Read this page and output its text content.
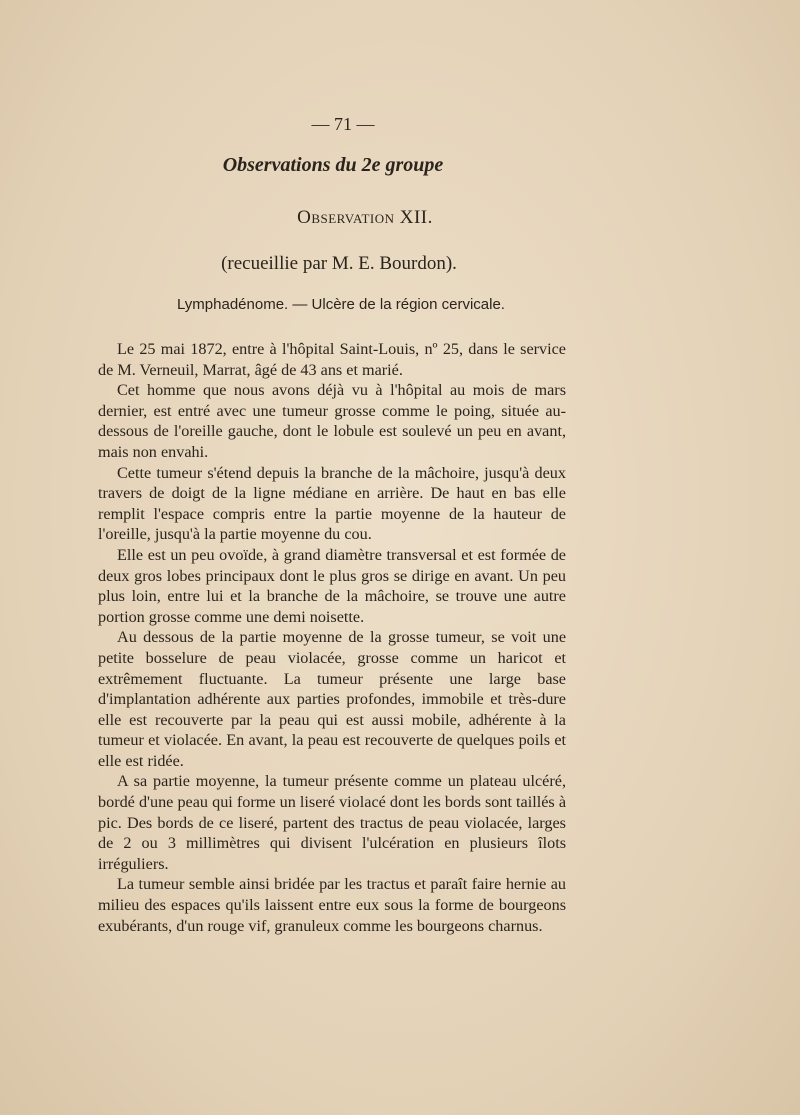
— 71 —
Observations du 2e groupe
Observation XII.
(recueillie par M. E. Bourdon).
Lymphadénome. — Ulcère de la région cervicale.

Le 25 mai 1872, entre à l'hôpital Saint-Louis, nº 25, dans le service de M. Verneuil, Marrat, âgé de 43 ans et marié.

Cet homme que nous avons déjà vu à l'hôpital au mois de mars dernier, est entré avec une tumeur grosse comme le poing, située au-dessous de l'oreille gauche, dont le lobule est soulevé un peu en avant, mais non envahi.

Cette tumeur s'étend depuis la branche de la mâchoire, jusqu'à deux travers de doigt de la ligne médiane en arrière. De haut en bas elle remplit l'espace compris entre la partie moyenne de la hauteur de l'oreille, jusqu'à la partie moyenne du cou.

Elle est un peu ovoïde, à grand diamètre transversal et est formée de deux gros lobes principaux dont le plus gros se dirige en avant. Un peu plus loin, entre lui et la branche de la mâchoire, se trouve une autre portion grosse comme une demi noisette.

Au dessous de la partie moyenne de la grosse tumeur, se voit une petite bosselure de peau violacée, grosse comme un haricot et extrêmement fluctuante. La tumeur présente une large base d'implantation adhérente aux parties profondes, immobile et très-dure elle est recouverte par la peau qui est aussi mobile, adhérente à la tumeur et violacée. En avant, la peau est recouverte de quelques poils et elle est ridée.

A sa partie moyenne, la tumeur présente comme un plateau ulcéré, bordé d'une peau qui forme un liseré violacé dont les bords sont taillés à pic. Des bords de ce liseré, partent des tractus de peau violacée, larges de 2 ou 3 millimètres qui divisent l'ulcération en plusieurs îlots irréguliers.

La tumeur semble ainsi bridée par les tractus et paraît faire hernie au milieu des espaces qu'ils laissent entre eux sous la forme de bourgeons exubérants, d'un rouge vif, granuleux comme les bourgeons charnus.
